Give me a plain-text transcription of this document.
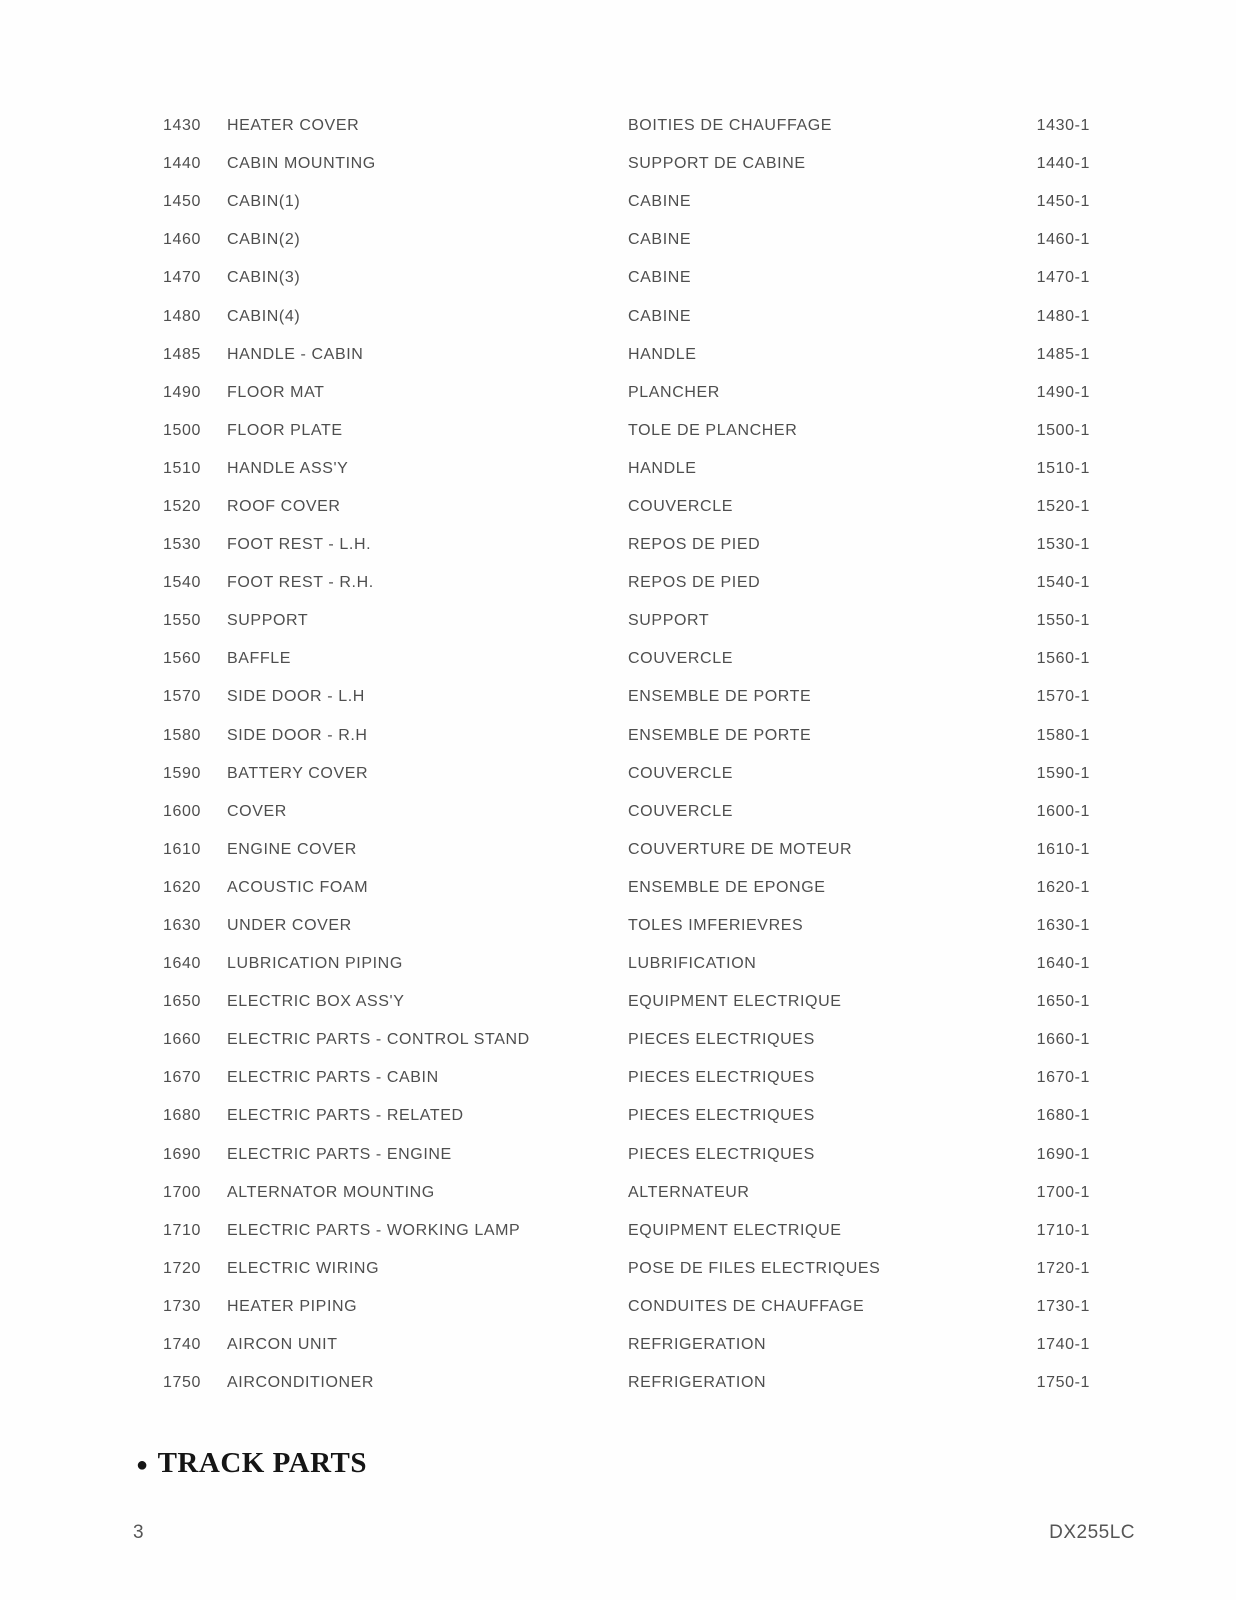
1430 HEATER COVER	BOITIES DE CHAUFFAGE	1430-1
1440 CABIN MOUNTING	SUPPORT DE CABINE	1440-1
1450 CABIN(1)	CABINE	1450-1
1460 CABIN(2)	CABINE	1460-1
1470 CABIN(3)	CABINE	1470-1
1480 CABIN(4)	CABINE	1480-1
1485 HANDLE - CABIN	HANDLE	1485-1
1490 FLOOR MAT	PLANCHER	1490-1
1500 FLOOR PLATE	TOLE DE PLANCHER	1500-1
1510 HANDLE ASS'Y	HANDLE	1510-1
1520 ROOF COVER	COUVERCLE	1520-1
1530 FOOT REST - L.H.	REPOS DE PIED	1530-1
1540 FOOT REST - R.H.	REPOS DE PIED	1540-1
1550 SUPPORT	SUPPORT	1550-1
1560 BAFFLE	COUVERCLE	1560-1
1570 SIDE DOOR - L.H	ENSEMBLE DE PORTE	1570-1
1580 SIDE DOOR - R.H	ENSEMBLE DE PORTE	1580-1
1590 BATTERY COVER	COUVERCLE	1590-1
1600 COVER	COUVERCLE	1600-1
1610 ENGINE COVER	COUVERTURE DE MOTEUR	1610-1
1620 ACOUSTIC FOAM	ENSEMBLE DE EPONGE	1620-1
1630 UNDER COVER	TOLES IMFERIEVRES	1630-1
1640 LUBRICATION PIPING	LUBRIFICATION	1640-1
1650 ELECTRIC BOX ASS'Y	EQUIPMENT ELECTRIQUE	1650-1
1660 ELECTRIC PARTS - CONTROL STAND	PIECES ELECTRIQUES	1660-1
1670 ELECTRIC PARTS - CABIN	PIECES ELECTRIQUES	1670-1
1680 ELECTRIC PARTS - RELATED	PIECES ELECTRIQUES	1680-1
1690 ELECTRIC PARTS - ENGINE	PIECES ELECTRIQUES	1690-1
1700 ALTERNATOR MOUNTING	ALTERNATEUR	1700-1
1710 ELECTRIC PARTS - WORKING LAMP	EQUIPMENT ELECTRIQUE	1710-1
1720 ELECTRIC WIRING	POSE DE FILES ELECTRIQUES	1720-1
1730 HEATER PIPING	CONDUITES DE CHAUFFAGE	1730-1
1740 AIRCON UNIT	REFRIGERATION	1740-1
1750 AIRCONDITIONER	REFRIGERATION	1750-1
● TRACK PARTS
3	DX255LC
